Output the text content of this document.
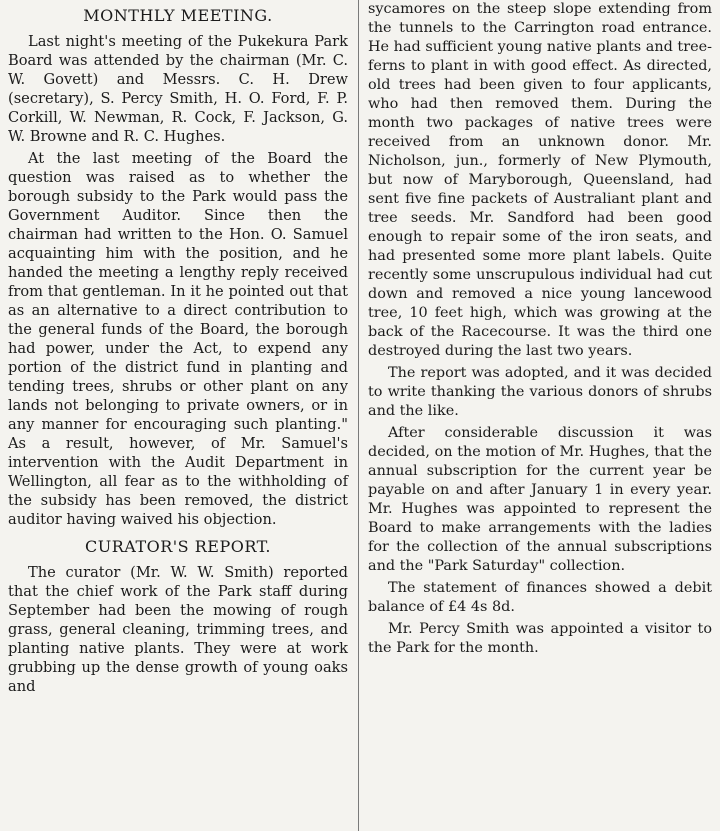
MONTHLY MEETING.

Last night's meeting of the Pukekura Park Board was attended by the chairman (Mr. C. W. Govett) and Messrs. C. H. Drew (secretary), S. Percy Smith, H. O. Ford, F. P. Corkill, W. Newman, R. Cock, F. Jackson, G. W. Browne and R. C. Hughes.

At the last meeting of the Board the question was raised as to whether the borough subsidy to the Park would pass the Government Auditor. Since then the chairman had written to the Hon. O. Samuel acquainting him with the position, and he handed the meeting a lengthy reply received from that gentleman. In it he pointed out that as an alternative to a direct contribution to the general funds of the Board, the borough had power, under the Act, to expend any portion of the district fund in planting and tending trees, shrubs or other plant on any lands not belonging to private owners, or in any manner for encouraging such planting." As a result, however, of Mr. Samuel's intervention with the Audit Department in Wellington, all fear as to the withholding of the subsidy has been removed, the district auditor having waived his objection.

CURATOR'S REPORT.

The curator (Mr. W. W. Smith) reported that the chief work of the Park staff during September had been the mowing of rough grass, general cleaning, trimming trees, and planting native plants. They were at work grubbing up the dense growth of young oaks and

sycamores on the steep slope extending from the tunnels to the Carrington road entrance. He had sufficient young native plants and tree-ferns to plant in with good effect. As directed, old trees had been given to four applicants, who had then removed them. During the month two packages of native trees were received from an unknown donor. Mr. Nicholson, jun., formerly of New Plymouth, but now of Maryborough, Queensland, had sent five fine packets of Australiant plant and tree seeds. Mr. Sandford had been good enough to repair some of the iron seats, and had presented some more plant labels. Quite recently some unscrupulous individual had cut down and removed a nice young lancewood tree, 10 feet high, which was growing at the back of the Racecourse. It was the third one destroyed during the last two years.

The report was adopted, and it was decided to write thanking the various donors of shrubs and the like.

After considerable discussion it was decided, on the motion of Mr. Hughes, that the annual subscription for the current year be payable on and after January 1 in every year. Mr. Hughes was appointed to represent the Board to make arrangements with the ladies for the collection of the annual subscriptions and the "Park Saturday" collection.

The statement of finances showed a debit balance of £4 4s 8d.

Mr. Percy Smith was appointed a visitor to the Park for the month.
